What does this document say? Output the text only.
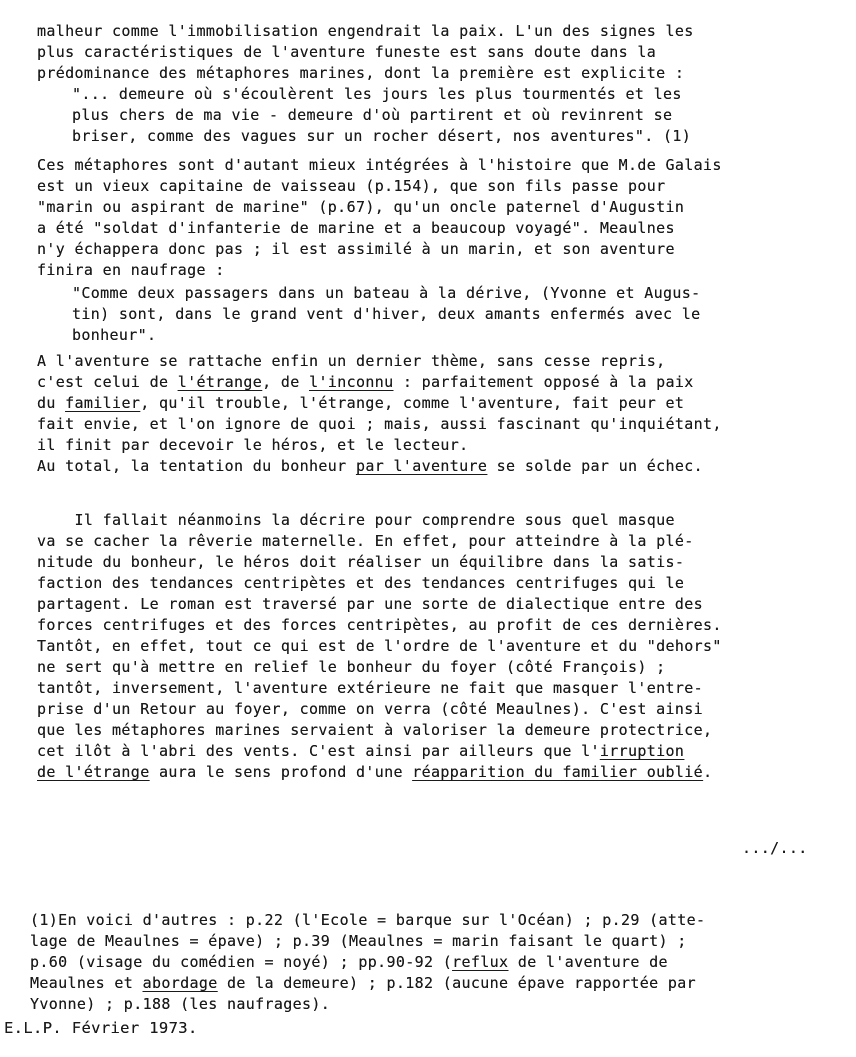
malheur comme l'immobilisation engendrait la paix. L'un des signes les
plus caractéristiques de l'aventure funeste est sans doute dans la
prédominance des métaphores marines, dont la première est explicite :
"... demeure où s'écoulèrent les jours les plus tourmentés et les
plus chers de ma vie - demeure d'où partirent et où revinrent se
briser, comme des vagues sur un rocher désert, nos aventures". (1)
Ces métaphores sont d'autant mieux intégrées à l'histoire que M.de Galais
est un vieux capitaine de vaisseau (p.154), que son fils passe pour
"marin ou aspirant de marine" (p.67), qu'un oncle paternel d'Augustin
a été "soldat d'infanterie de marine et a beaucoup voyagé". Meaulnes
n'y échappera donc pas ; il est assimilé à un marin, et son aventure
finira en naufrage :
"Comme deux passagers dans un bateau à la dérive, (Yvonne et Augus-
tin) sont, dans le grand vent d'hiver, deux amants enfermés avec le
bonheur".
A l'aventure se rattache enfin un dernier thème, sans cesse repris,
c'est celui de l'étrange, de l'inconnu : parfaitement opposé à la paix
du familier, qu'il trouble, l'étrange, comme l'aventure, fait peur et
fait envie, et l'on ignore de quoi ; mais, aussi fascinant qu'inquiétant,
il finit par decevoir le héros, et le lecteur.
Au total, la tentation du bonheur par l'aventure se solde par un échec.
Il fallait néanmoins la décrire pour comprendre sous quel masque
va se cacher la rêverie maternelle. En effet, pour atteindre à la plé-
nitude du bonheur, le héros doit réaliser un équilibre dans la satis-
faction des tendances centripètes et des tendances centrifuges qui le
partagent. Le roman est traversé par une sorte de dialectique entre des
forces centrifuges et des forces centripètes, au profit de ces dernières.
Tantôt, en effet, tout ce qui est de l'ordre de l'aventure et du "dehors"
ne sert qu'à mettre en relief le bonheur du foyer (côté François) ;
tantôt, inversement, l'aventure extérieure ne fait que masquer l'entre-
prise d'un Retour au foyer, comme on verra (côté Meaulnes). C'est ainsi
que les métaphores marines servaient à valoriser la demeure protectrice,
cet ilôt à l'abri des vents. C'est ainsi par ailleurs que l'irruption
de l'étrange aura le sens profond d'une réapparition du familier oublié.
.../...
(1)En voici d'autres : p.22 (l'Ecole = barque sur l'Océan) ; p.29 (atte-
lage de Meaulnes = épave) ; p.39 (Meaulnes = marin faisant le quart) ;
p.60 (visage du comédien = noyé) ; pp.90-92 (reflux de l'aventure de
Meaulnes et abordage de la demeure) ; p.182 (aucune épave rapportée par
Yvonne) ; p.188 (les naufrages).
E.L.P. Février 1973.
